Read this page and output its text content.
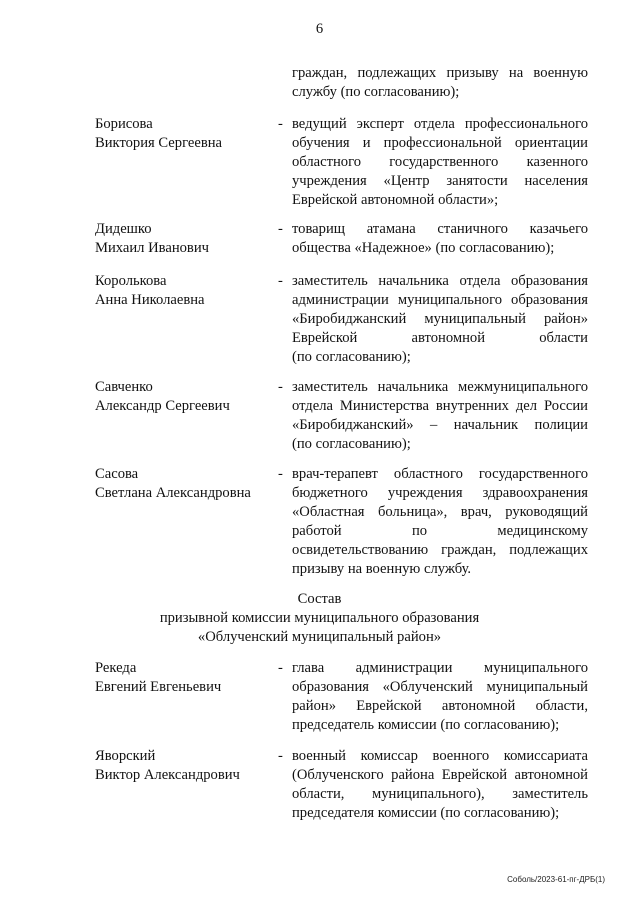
6
граждан, подлежащих призыву на военную
службу (по согласованию);
Борисова
Виктория Сергеевна
- ведущий эксперт отдела профессионального
обучения и профессиональной ориентации
областного государственного казенного
учреждения «Центр занятости населения
Еврейской автономной области»;
Дидешко
Михаил Иванович
- товарищ атамана станичного казачьего
общества «Надежное» (по согласованию);
Королькова
Анна Николаевна
- заместитель начальника отдела образования
администрации муниципального образования
«Биробиджанский муниципальный район»
Еврейской автономной области
(по согласованию);
Савченко
Александр Сергеевич
- заместитель начальника межмуниципального
отдела Министерства внутренних дел России
«Биробиджанский» – начальник полиции
(по согласованию);
Сасова
Светлана Александровна
- врач-терапевт областного государственного
бюджетного учреждения здравоохранения
«Областная больница», врач, руководящий
работой по медицинскому
освидетельствованию граждан, подлежащих
призыву на военную службу.
Состав
призывной комиссии муниципального образования
«Облученский муниципальный район»
Рекеда
Евгений Евгеньевич
- глава администрации муниципального
образования «Облученский муниципальный
район» Еврейской автономной области,
председатель комиссии (по согласованию);
Яворский
Виктор Александрович
- военный комиссар военного комиссариата
(Облученского района Еврейской автономной
области, муниципального), заместитель
председателя комиссии (по согласованию);
Соболь/2023-61-пг-ДРБ(1)
